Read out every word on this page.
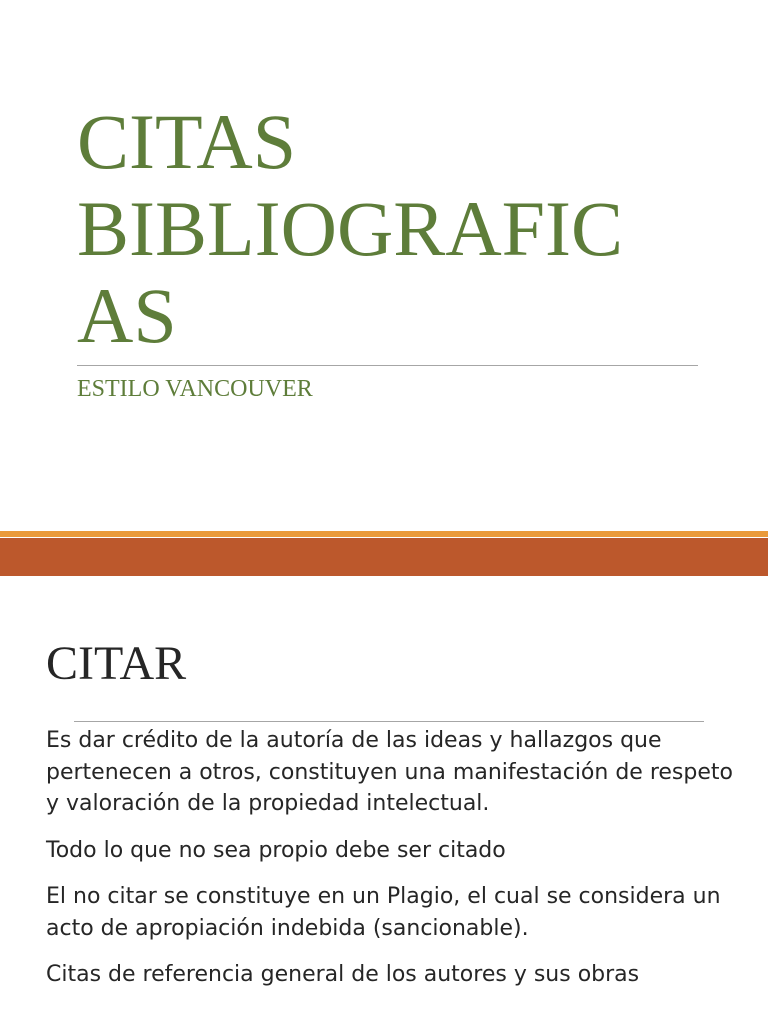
CITAS
BIBLIOGRAFIC
AS
ESTILO VANCOUVER
CITAR

Es dar crédito de la autoría de las ideas y hallazgos que pertenecen a otros, constituyen una manifestación de respeto y valoración de la propiedad intelectual.

Todo lo que no sea propio debe ser citado

El no citar se constituye en un Plagio, el cual se considera un acto de apropiación indebida (sancionable).

Citas de referencia general de los autores y sus obras
